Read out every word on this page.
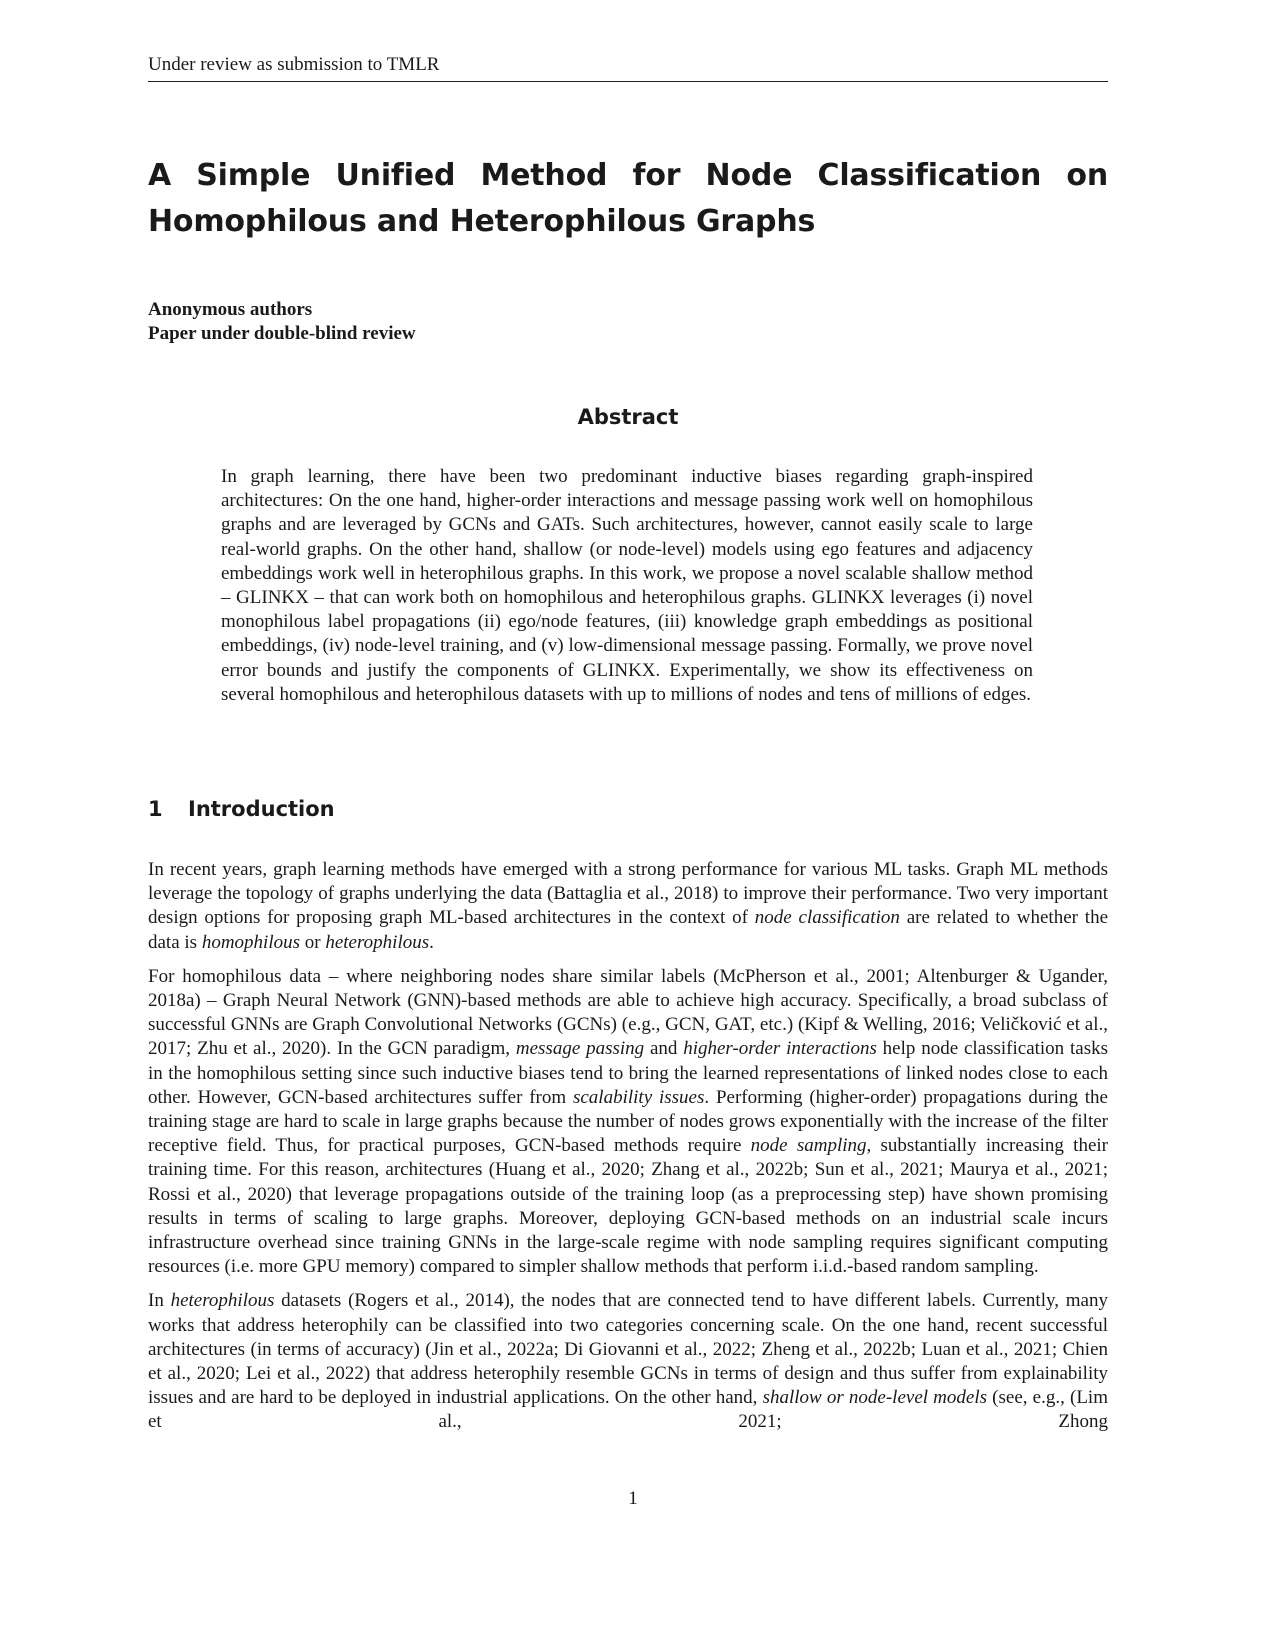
Under review as submission to TMLR
A Simple Unified Method for Node Classification on Homophilous and Heterophilous Graphs
Anonymous authors
Paper under double-blind review
Abstract

In graph learning, there have been two predominant inductive biases regarding graph-inspired architectures: On the one hand, higher-order interactions and message passing work well on homophilous graphs and are leveraged by GCNs and GATs. Such architectures, however, cannot easily scale to large real-world graphs. On the other hand, shallow (or node-level) models using ego features and adjacency embeddings work well in heterophilous graphs. In this work, we propose a novel scalable shallow method – GLINKX – that can work both on homophilous and heterophilous graphs. GLINKX leverages (i) novel monophilous label propagations (ii) ego/node features, (iii) knowledge graph embeddings as positional embeddings, (iv) node-level training, and (v) low-dimensional message passing. Formally, we prove novel error bounds and justify the components of GLINKX. Experimentally, we show its effectiveness on several homophilous and heterophilous datasets with up to millions of nodes and tens of millions of edges.

1 Introduction

In recent years, graph learning methods have emerged with a strong performance for various ML tasks. Graph ML methods leverage the topology of graphs underlying the data (Battaglia et al., 2018) to improve their performance. Two very important design options for proposing graph ML-based architectures in the context of node classification are related to whether the data is homophilous or heterophilous.

For homophilous data – where neighboring nodes share similar labels (McPherson et al., 2001; Altenburger & Ugander, 2018a) – Graph Neural Network (GNN)-based methods are able to achieve high accuracy. Specifically, a broad subclass of successful GNNs are Graph Convolutional Networks (GCNs) (e.g., GCN, GAT, etc.) (Kipf & Welling, 2016; Veličković et al., 2017; Zhu et al., 2020). In the GCN paradigm, message passing and higher-order interactions help node classification tasks in the homophilous setting since such inductive biases tend to bring the learned representations of linked nodes close to each other. However, GCN-based architectures suffer from scalability issues. Performing (higher-order) propagations during the training stage are hard to scale in large graphs because the number of nodes grows exponentially with the increase of the filter receptive field. Thus, for practical purposes, GCN-based methods require node sampling, substantially increasing their training time. For this reason, architectures (Huang et al., 2020; Zhang et al., 2022b; Sun et al., 2021; Maurya et al., 2021; Rossi et al., 2020) that leverage propagations outside of the training loop (as a preprocessing step) have shown promising results in terms of scaling to large graphs. Moreover, deploying GCN-based methods on an industrial scale incurs infrastructure overhead since training GNNs in the large-scale regime with node sampling requires significant computing resources (i.e. more GPU memory) compared to simpler shallow methods that perform i.i.d.-based random sampling.

In heterophilous datasets (Rogers et al., 2014), the nodes that are connected tend to have different labels. Currently, many works that address heterophily can be classified into two categories concerning scale. On the one hand, recent successful architectures (in terms of accuracy) (Jin et al., 2022a; Di Giovanni et al., 2022; Zheng et al., 2022b; Luan et al., 2021; Chien et al., 2020; Lei et al., 2022) that address heterophily resemble GCNs in terms of design and thus suffer from explainability issues and are hard to be deployed in industrial applications. On the other hand, shallow or node-level models (see, e.g., (Lim et al., 2021; Zhong

1
